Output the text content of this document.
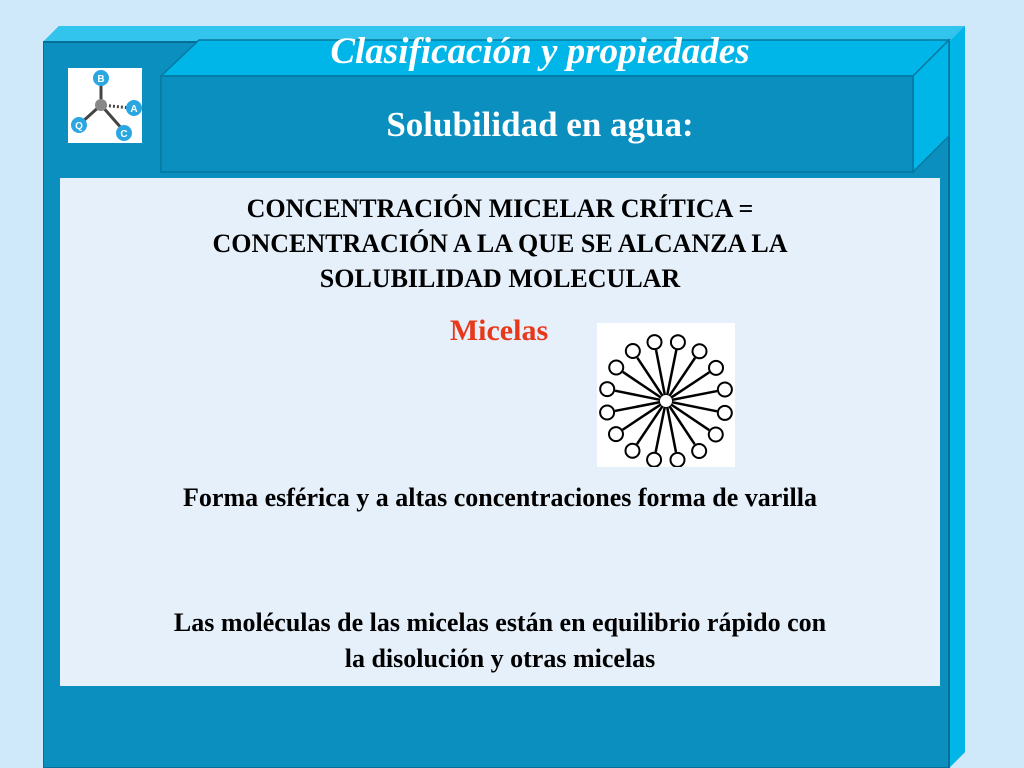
B
A
Q
C
Clasificación y propiedades
Solubilidad en agua:

CONCENTRACIÓN MICELAR CRÍTICA =
CONCENTRACIÓN A LA QUE SE ALCANZA LA
SOLUBILIDAD MOLECULAR

Micelas

Forma esférica y a altas concentraciones forma de varilla

Las moléculas de las micelas están en equilibrio rápido con
la disolución y otras micelas
